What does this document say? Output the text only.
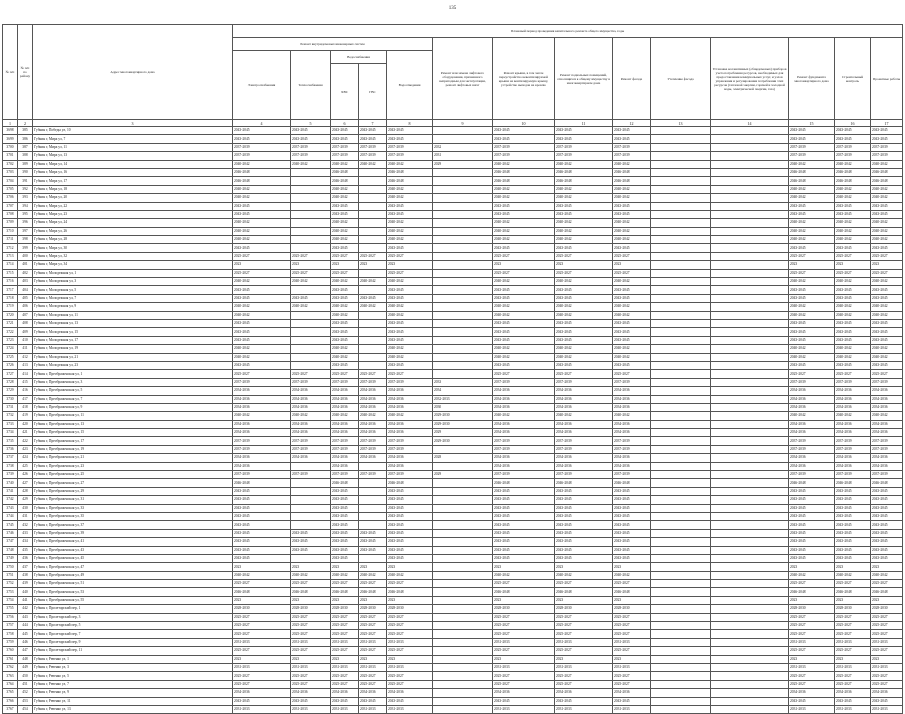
135
№ п/п	№ п/п по району	Адрес многоквартирного дома	Плановый период проведения капитального ремонта общего имущества, годы													
			Ремонт внутридомовых инженерных систем					Ремонт или замена лифтового оборудования, признанного непригодным для эксплуатации, ремонт лифтовых шахт	Ремонт крыши, в том числе переустройство невентилируемой крыши на вентилируемую крышу, устройство выходов на кровлю	Ремонт подвальных помещений, относящихся к общему имуществу в многоквартирном доме	Ремонт фасада	Утепление фасада	Установка коллективных (общедомовых) приборов учета потребления ресурсов, необходимых для предоставления коммунальных услуг, и узлов управления и регулирования потребления этих ресурсов (тепловой энергии, горячей и холодной воды, электрической энергии, газа)	Ремонт фундамента многоквартирного дома	Строительный контроль	Проектные работы
			Электроснабжения	Теплоснабжения	Водоснабжения		Водоотведения									
					ХВС	ГВС										
1	2	3	4	5	6	7	8	9	10	11	12	13	14	15	16	17
3698	385	Губкин г, Победы ул, 10	2043-2045	2043-2045	2043-2045	2043-2045	2043-2045		2043-2045	2043-2045	2043-2045			2043-2045	2043-2045	2043-2045
3699	386	Губкин г, Мира ул, 7	2043-2045	2043-2045	2043-2045	2043-2045	2043-2045		2043-2045	2043-2045	2043-2045			2043-2045	2043-2045	2043-2045
3700	387	Губкин г, Мира ул, 11	2037-2039	2037-2039	2037-2039	2037-2039	2037-2039	2032	2037-2039	2037-2039	2037-2039			2037-2039	2037-2039	2037-2039
3701	388	Губкин г, Мира ул, 13	2037-2039	2037-2039	2037-2039	2037-2039	2037-2039	2031	2037-2039	2037-2039	2037-2039			2037-2039	2037-2039	2037-2039
3702	389	Губкин г, Мира ул, 14	2040-2042	2040-2042	2040-2042	2040-2042	2040-2042	2029	2040-2042	2040-2042	2040-2042			2040-2042	2040-2042	2040-2042
3703	390	Губкин г, Мира ул, 16	2046-2048		2046-2048		2046-2048		2046-2048	2046-2048	2046-2048			2046-2048	2046-2048	2046-2048
3704	391	Губкин г, Мира ул, 17	2046-2048		2046-2048		2046-2048		2046-2048	2046-2048	2046-2048			2046-2048	2046-2048	2046-2048
3705	392	Губкин г, Мира ул, 18	2040-2042		2040-2042		2040-2042		2040-2042	2040-2042	2040-2042			2040-2042	2040-2042	2040-2042
3706	393	Губкин г, Мира ул, 20	2040-2042		2040-2042		2040-2042		2040-2042	2040-2042	2040-2042			2040-2042	2040-2042	2040-2042
3707	394	Губкин г, Мира ул, 22	2043-2045		2043-2045		2043-2045		2043-2045	2043-2045	2043-2045			2043-2045	2043-2045	2043-2045
3708	395	Губкин г, Мира ул, 23	2043-2045		2043-2045		2043-2045		2043-2045	2043-2045	2043-2045			2043-2045	2043-2045	2043-2045
3709	396	Губкин г, Мира ул, 24	2040-2042		2040-2042		2040-2042		2040-2042	2040-2042	2040-2042			2040-2042	2040-2042	2040-2042
3710	397	Губкин г, Мира ул, 26	2040-2042		2040-2042		2040-2042		2040-2042	2040-2042	2040-2042			2040-2042	2040-2042	2040-2042
3711	398	Губкин г, Мира ул, 28	2040-2042		2040-2042		2040-2042		2040-2042	2040-2042	2040-2042			2040-2042	2040-2042	2040-2042
3712	399	Губкин г, Мира ул, 30	2043-2045		2043-2045		2043-2045		2043-2045	2043-2045	2043-2045			2043-2045	2043-2045	2043-2045
3713	400	Губкин г, Мира ул, 32	2025-2027	2025-2027	2025-2027	2025-2027	2025-2027		2025-2027	2025-2027	2025-2027			2025-2027	2025-2027	2025-2027
3714	401	Губкин г, Мира ул, 34	2023	2023	2023	2023	2023		2023	2023	2023			2023	2023	2023
3715	402	Губкин г, Молодежная ул, 1	2025-2027	2025-2027	2025-2027		2025-2027		2025-2027	2025-2027	2025-2027			2025-2027	2025-2027	2025-2027
3716	403	Губкин г, Молодежная ул, 3	2040-2042	2040-2042	2040-2042	2040-2042	2040-2042		2040-2042	2040-2042	2040-2042			2040-2042	2040-2042	2040-2042
3717	404	Губкин г, Молодежная ул, 5	2043-2045		2043-2045		2043-2045		2043-2045	2043-2045	2043-2045			2043-2045	2043-2045	2043-2045
3718	405	Губкин г, Молодежная ул, 7	2043-2045	2043-2045	2043-2045	2043-2045	2043-2045		2043-2045	2043-2045	2043-2045			2043-2045	2043-2045	2043-2045
3719	406	Губкин г, Молодежная ул, 9	2040-2042	2040-2042	2040-2042	2040-2042	2040-2042		2040-2042	2040-2042	2040-2042			2040-2042	2040-2042	2040-2042
3720	407	Губкин г, Молодежная ул, 11	2040-2042		2040-2042		2040-2042		2040-2042	2040-2042	2040-2042			2040-2042	2040-2042	2040-2042
3721	408	Губкин г, Молодежная ул, 13	2043-2045		2043-2045		2043-2045		2043-2045	2043-2045	2043-2045			2043-2045	2043-2045	2043-2045
3722	409	Губкин г, Молодежная ул, 15	2043-2045		2043-2045		2043-2045		2043-2045	2043-2045	2043-2045			2043-2045	2043-2045	2043-2045
3723	410	Губкин г, Молодежная ул, 17	2043-2045		2043-2045		2043-2045		2043-2045	2043-2045	2043-2045			2043-2045	2043-2045	2043-2045
3724	411	Губкин г, Молодежная ул, 19	2040-2042		2040-2042		2040-2042		2040-2042	2040-2042	2040-2042			2040-2042	2040-2042	2040-2042
3725	412	Губкин г, Молодежная ул, 21	2040-2042		2040-2042		2040-2042		2040-2042	2040-2042	2040-2042			2040-2042	2040-2042	2040-2042
3726	413	Губкин г, Молодежная ул, 23	2043-2045		2043-2045		2043-2045		2043-2045	2043-2045	2043-2045			2043-2045	2043-2045	2043-2045
3727	414	Губкин г, Преображенская ул, 1	2025-2027	2025-2027	2025-2027	2025-2027	2025-2027		2025-2027	2025-2027	2025-2027			2025-2027	2025-2027	2025-2027
3728	415	Губкин г, Преображенская ул, 3	2037-2039	2037-2039	2037-2039	2037-2039	2037-2039	2033	2037-2039	2037-2039	2037-2039			2037-2039	2037-2039	2037-2039
3729	416	Губкин г, Преображенская ул, 5	2034-2036	2034-2036	2034-2036	2034-2036	2034-2036	2034	2034-2036	2034-2036	2034-2036			2034-2036	2034-2036	2034-2036
3730	417	Губкин г, Преображенская ул, 7	2034-2036	2034-2036	2034-2036	2034-2036	2034-2036	2032-2033	2034-2036	2034-2036	2034-2036			2034-2036	2034-2036	2034-2036
3731	418	Губкин г, Преображенская ул, 9	2034-2036	2034-2036	2034-2036	2034-2036	2034-2036	2030	2034-2036	2034-2036	2034-2036			2034-2036	2034-2036	2034-2036
3732	419	Губкин г, Преображенская ул, 11	2040-2042	2040-2042	2040-2042	2040-2042	2040-2042	2029-2030	2040-2042	2040-2042	2040-2042			2040-2042	2040-2042	2040-2042
3733	420	Губкин г, Преображенская ул, 13	2034-2036	2034-2036	2034-2036	2034-2036	2034-2036	2029-2030	2034-2036	2034-2036	2034-2036			2034-2036	2034-2036	2034-2036
3734	421	Губкин г, Преображенская ул, 15	2034-2036	2034-2036	2034-2036	2034-2036	2034-2036	2029	2034-2036	2034-2036	2034-2036			2034-2036	2034-2036	2034-2036
3735	422	Губкин г, Преображенская ул, 17	2037-2039	2037-2039	2037-2039	2037-2039	2037-2039	2029-2030	2037-2039	2037-2039	2037-2039			2037-2039	2037-2039	2037-2039
3736	423	Губкин г, Преображенская ул, 19	2037-2039	2037-2039	2037-2039	2037-2039	2037-2039		2037-2039	2037-2039	2037-2039			2037-2039	2037-2039	2037-2039
3737	424	Губкин г, Преображенская ул, 21	2034-2036	2034-2036	2034-2036	2034-2036	2034-2036	2028	2034-2036	2034-2036	2034-2036			2034-2036	2034-2036	2034-2036
3738	425	Губкин г, Преображенская ул, 23	2034-2036		2034-2036		2034-2036		2034-2036	2034-2036	2034-2036			2034-2036	2034-2036	2034-2036
3739	426	Губкин г, Преображенская ул, 25	2037-2039	2037-2039	2037-2039	2037-2039	2037-2039	2029	2037-2039	2037-2039	2037-2039			2037-2039	2037-2039	2037-2039
3740	427	Губкин г, Преображенская ул, 27	2046-2048		2046-2048		2046-2048		2046-2048	2046-2048	2046-2048			2046-2048	2046-2048	2046-2048
3741	428	Губкин г, Преображенская ул, 29	2043-2045		2043-2045		2043-2045		2043-2045	2043-2045	2043-2045			2043-2045	2043-2045	2043-2045
3742	429	Губкин г, Преображенская ул, 31	2043-2045		2043-2045		2043-2045		2043-2045	2043-2045	2043-2045			2043-2045	2043-2045	2043-2045
3743	430	Губкин г, Преображенская ул, 33	2043-2045		2043-2045		2043-2045		2043-2045	2043-2045	2043-2045			2043-2045	2043-2045	2043-2045
3744	431	Губкин г, Преображенская ул, 35	2043-2045		2043-2045		2043-2045		2043-2045	2043-2045	2043-2045			2043-2045	2043-2045	2043-2045
3745	432	Губкин г, Преображенская ул, 37	2043-2045		2043-2045		2043-2045		2043-2045	2043-2045	2043-2045			2043-2045	2043-2045	2043-2045
3746	433	Губкин г, Преображенская ул, 39	2043-2045	2043-2045	2043-2045	2043-2045	2043-2045		2043-2045	2043-2045	2043-2045			2043-2045	2043-2045	2043-2045
3747	434	Губкин г, Преображенская ул, 41	2043-2045	2043-2045	2043-2045	2043-2045	2043-2045		2043-2045	2043-2045	2043-2045			2043-2045	2043-2045	2043-2045
3748	435	Губкин г, Преображенская ул, 43	2043-2045	2043-2045	2043-2045	2043-2045	2043-2045		2043-2045	2043-2045	2043-2045			2043-2045	2043-2045	2043-2045
3749	436	Губкин г, Преображенская ул, 45	2043-2045		2043-2045		2043-2045		2043-2045	2043-2045	2043-2045			2043-2045	2043-2045	2043-2045
3750	437	Губкин г, Преображенская ул, 47	2023	2023	2023	2023	2023		2023	2023	2023			2023	2023	2023
3751	438	Губкин г, Преображенская ул, 49	2040-2042	2040-2042	2040-2042	2040-2042	2040-2042		2040-2042	2040-2042	2040-2042			2040-2042	2040-2042	2040-2042
3752	439	Губкин г, Преображенская ул, 51	2025-2027	2025-2027	2025-2027	2025-2027	2025-2027		2025-2027	2025-2027	2025-2027			2025-2027	2025-2027	2025-2027
3753	440	Губкин г, Преображенская ул, 53	2046-2048	2046-2048	2046-2048	2046-2048	2046-2048		2046-2048	2046-2048	2046-2048			2046-2048	2046-2048	2046-2048
3754	441	Губкин г, Преображенская ул, 55	2023	2023	2023	2023	2023		2023	2023	2023			2023	2023	2023
3755	442	Губкин г, Пролетарский пер, 1	2028-2030	2028-2030	2028-2030	2028-2030	2028-2030		2028-2030	2028-2030	2028-2030			2028-2030	2028-2030	2028-2030
3756	443	Губкин г, Пролетарский пер, 3	2025-2027	2025-2027	2025-2027	2025-2027	2025-2027		2025-2027	2025-2027	2025-2027			2025-2027	2025-2027	2025-2027
3757	444	Губкин г, Пролетарский пер, 5	2025-2027	2025-2027	2025-2027	2025-2027	2025-2027		2025-2027	2025-2027	2025-2027			2025-2027	2025-2027	2025-2027
3758	445	Губкин г, Пролетарский пер, 7	2025-2027	2025-2027	2025-2027	2025-2027	2025-2027		2025-2027	2025-2027	2025-2027			2025-2027	2025-2027	2025-2027
3759	446	Губкин г, Пролетарский пер, 9	2031-2033	2031-2033	2031-2033	2031-2033	2031-2033		2031-2033	2031-2033	2031-2033			2031-2033	2031-2033	2031-2033
3760	447	Губкин г, Пролетарский пер, 11	2025-2027	2025-2027	2025-2027	2025-2027	2025-2027		2025-2027	2025-2027	2025-2027			2025-2027	2025-2027	2025-2027
3761	448	Губкин г, Ревенко ул, 1	2023	2023	2023	2023	2023		2023	2023	2023			2023	2023	2023
3762	449	Губкин г, Ревенко ул, 3	2031-2033	2031-2033	2031-2033	2031-2033	2031-2033		2031-2033	2031-2033	2031-2033			2031-2033	2031-2033	2031-2033
3763	450	Губкин г, Ревенко ул, 5	2025-2027	2025-2027	2025-2027	2025-2027	2025-2027		2025-2027	2025-2027	2025-2027			2025-2027	2025-2027	2025-2027
3764	451	Губкин г, Ревенко ул, 7	2025-2027	2025-2027	2025-2027	2025-2027	2025-2027		2025-2027	2025-2027	2025-2027			2025-2027	2025-2027	2025-2027
3765	452	Губкин г, Ревенко ул, 9	2034-2036	2034-2036	2034-2036	2034-2036	2034-2036		2034-2036	2034-2036	2034-2036			2034-2036	2034-2036	2034-2036
3766	453	Губкин г, Ревенко ул, 11	2043-2045	2043-2045	2043-2045	2043-2045	2043-2045		2043-2045	2043-2045	2043-2045			2043-2045	2043-2045	2043-2045
3767	454	Губкин г, Ревенко ул, 13	2031-2033	2031-2033	2031-2033	2031-2033	2031-2033		2031-2033	2031-2033	2031-2033			2031-2033	2031-2033	2031-2033
